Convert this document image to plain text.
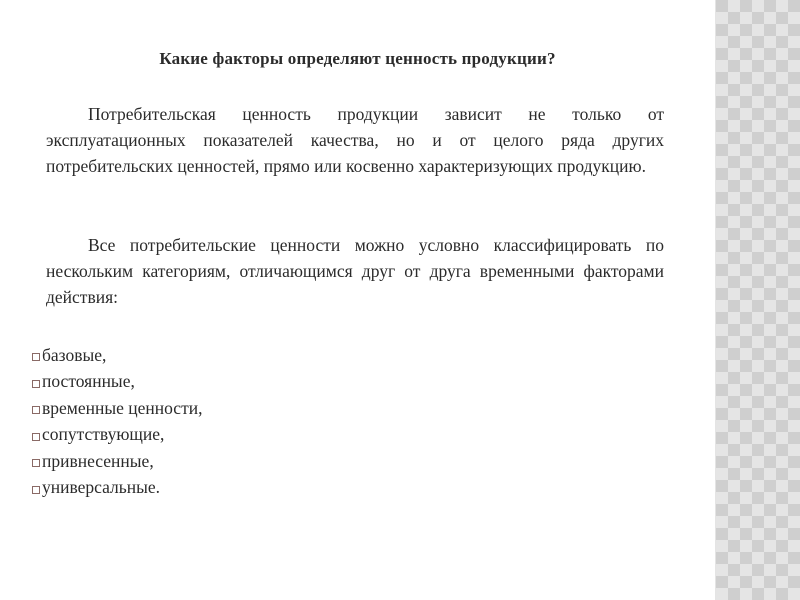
Какие факторы определяют ценность продукции?

Потребительская ценность продукции зависит не только от эксплуатационных показателей качества, но и от целого ряда других потребительских ценностей, прямо или косвенно характеризующих продукцию.

Все потребительские ценности можно условно классифицировать по нескольким категориям, отличающимся друг от друга временными факторами действия:

базовые,
постоянные,
временные ценности,
сопутствующие,
привнесенные,
универсальные.
